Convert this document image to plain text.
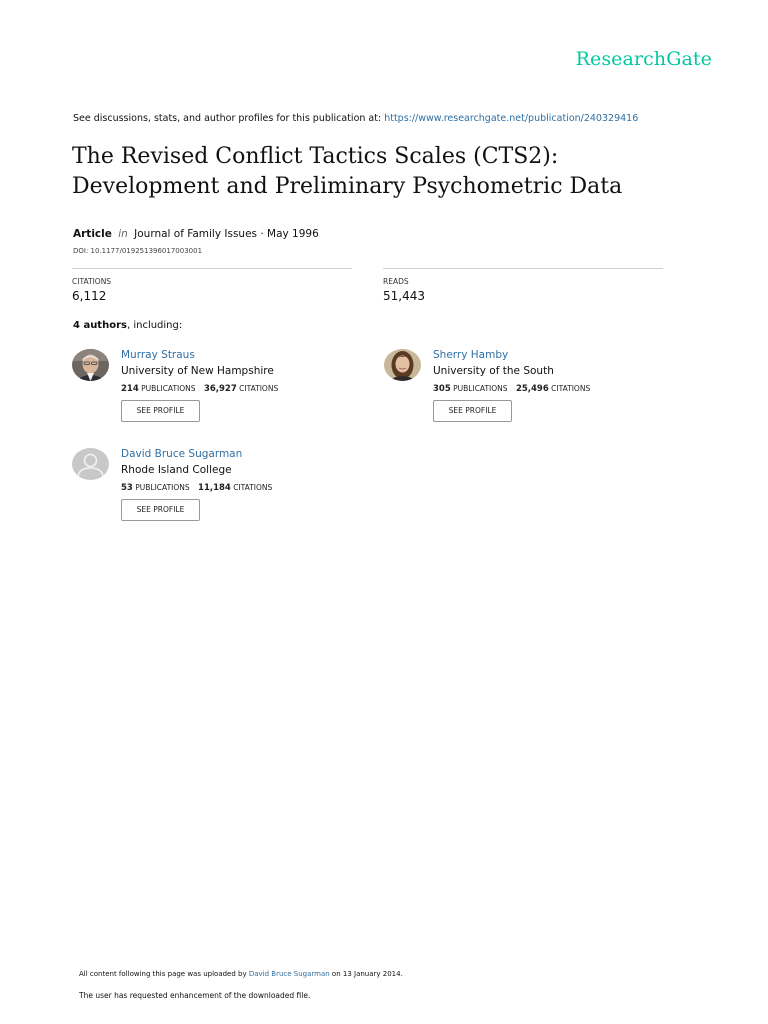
ResearchGate
See discussions, stats, and author profiles for this publication at: https://www.researchgate.net/publication/240329416
The Revised Conflict Tactics Scales (CTS2):
Development and Preliminary Psychometric Data
Article in Journal of Family Issues · May 1996
DOI: 10.1177/019251396017003001
CITATIONS
6,112
READS
51,443
4 authors, including:
Murray Straus
University of New Hampshire
214 PUBLICATIONS 36,927 CITATIONS
SEE PROFILE
Sherry Hamby
University of the South
305 PUBLICATIONS 25,496 CITATIONS
SEE PROFILE
David Bruce Sugarman
Rhode Island College
53 PUBLICATIONS 11,184 CITATIONS
SEE PROFILE
All content following this page was uploaded by David Bruce Sugarman on 13 January 2014.
The user has requested enhancement of the downloaded file.
